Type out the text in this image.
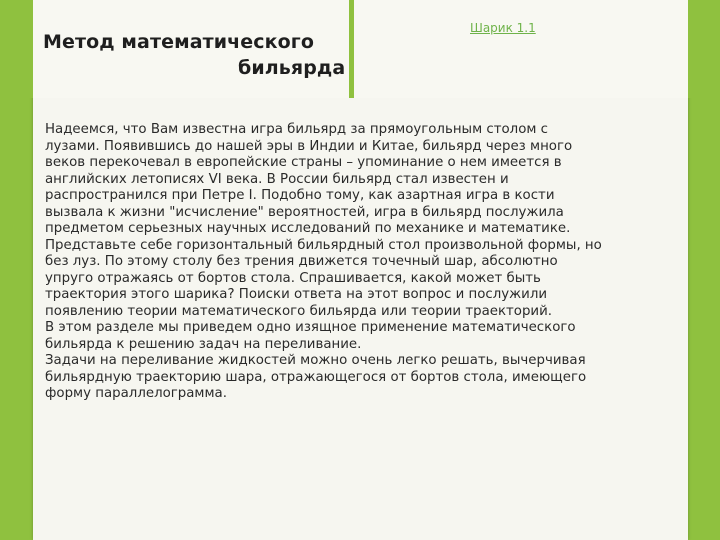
Метод математического
бильярда
Шарик 1.1
Надеемся, что Вам известна игра бильярд за прямоугольным столом с
лузами. Появившись до нашей эры в Индии и Китае, бильярд через много
веков перекочевал в европейские страны – упоминание о нем имеется в
английских летописях VI века. В России бильярд стал известен и
распространился при Петре I. Подобно тому, как азартная игра в кости
вызвала к жизни "исчисление" вероятностей, игра в бильярд послужила
предметом серьезных научных исследований по механике и математике.
Представьте себе горизонтальный бильярдный стол произвольной формы, но
без луз. По этому столу без трения движется точечный шар, абсолютно
упруго отражаясь от бортов стола. Спрашивается, какой может быть
траектория этого шарика? Поиски ответа на этот вопрос и послужили
появлению теории математического бильярда или теории траекторий.
В этом разделе мы приведем одно изящное применение математического
бильярда к решению задач на переливание.
Задачи на переливание жидкостей можно очень легко решать, вычерчивая
бильярдную траекторию шара, отражающегося от бортов стола, имеющего
форму параллелограмма.
